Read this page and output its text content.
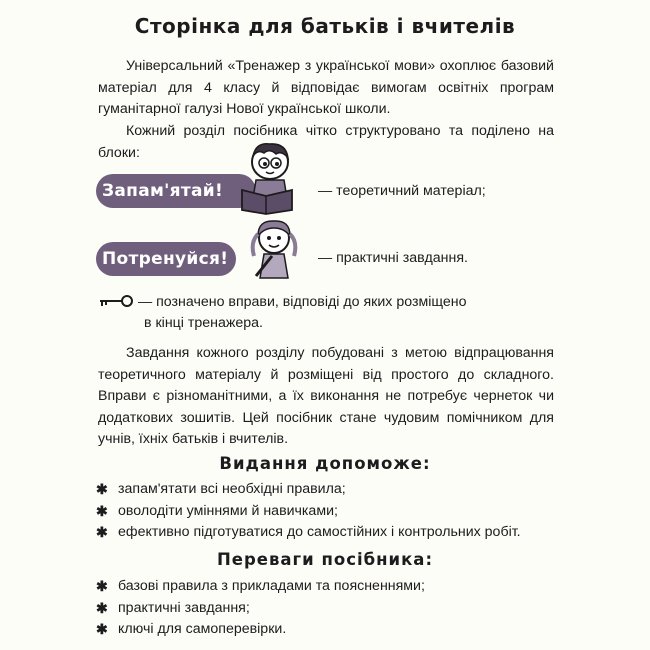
Сторінка для батьків і вчителів

Універсальний «Тренажер з української мови» охоплює базовий матеріал для 4 класу й відповідає вимогам освітніх програм гуманітарної галузі Нової української школи.

Кожний розділ посібника чітко структуровано та поділено на блоки:

Запам'ятай!	— теоретичний матеріал;
Потренуйся!	— практичні завдання.
— позначено вправи, відповіді до яких розміщено
в кінці тренажера.

Завдання кожного розділу побудовані з метою відпрацювання теоретичного матеріалу й розміщені від простого до складного. Вправи є різноманітними, а їх виконання не потребує чернеток чи додаткових зошитів. Цей посібник стане чудовим помічником для учнів, їхніх батьків і вчителів.

Видання допоможе:
✱ запам'ятати всі необхідні правила;
✱ оволодіти уміннями й навичками;
✱ ефективно підготуватися до самостійних і контрольних робіт.
Переваги посібника:
✱ базові правила з прикладами та поясненнями;
✱ практичні завдання;
✱ ключі для самоперевірки.
